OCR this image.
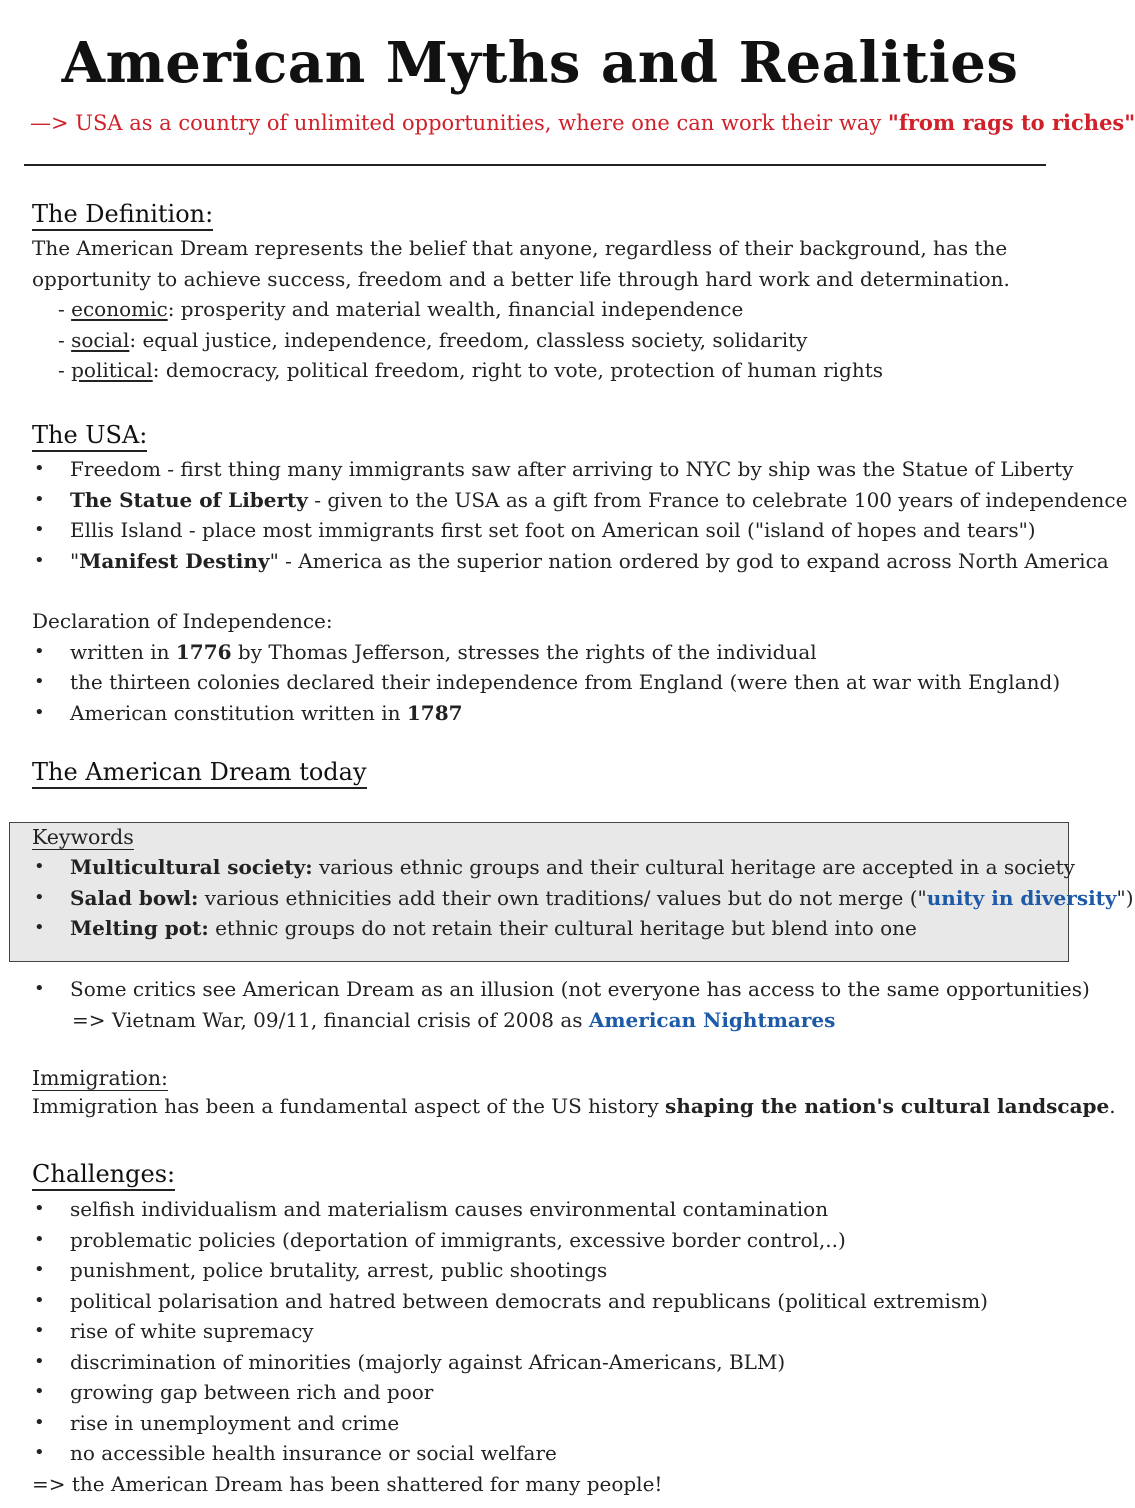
American Myths and Realities
—> USA as a country of unlimited opportunities, where one can work their way "from rags to riches"
The Definition:
The American Dream represents the belief that anyone, regardless of their background, has the
opportunity to achieve success, freedom and a better life through hard work and determination.
- economic: prosperity and material wealth, financial independence
- social: equal justice, independence, freedom, classless society, solidarity
- political: democracy, political freedom, right to vote, protection of human rights
The USA:
• Freedom - first thing many immigrants saw after arriving to NYC by ship was the Statue of Liberty
• The Statue of Liberty - given to the USA as a gift from France to celebrate 100 years of independence
• Ellis Island - place most immigrants first set foot on American soil ("island of hopes and tears")
• "Manifest Destiny" - America as the superior nation ordered by god to expand across North America
Declaration of Independence:
• written in 1776 by Thomas Jefferson, stresses the rights of the individual
• the thirteen colonies declared their independence from England (were then at war with England)
• American constitution written in 1787
The American Dream today
Keywords
• Multicultural society: various ethnic groups and their cultural heritage are accepted in a society
• Salad bowl: various ethnicities add their own traditions/ values but do not merge ("unity in diversity")
• Melting pot: ethnic groups do not retain their cultural heritage but blend into one
• Some critics see American Dream as an illusion (not everyone has access to the same opportunities)
=> Vietnam War, 09/11, financial crisis of 2008 as American Nightmares
Immigration:
Immigration has been a fundamental aspect of the US history shaping the nation's cultural landscape.
Challenges:
• selfish individualism and materialism causes environmental contamination
• problematic policies (deportation of immigrants, excessive border control,..)
• punishment, police brutality, arrest, public shootings
• political polarisation and hatred between democrats and republicans (political extremism)
• rise of white supremacy
• discrimination of minorities (majorly against African-Americans, BLM)
• growing gap between rich and poor
• rise in unemployment and crime
• no accessible health insurance or social welfare
=> the American Dream has been shattered for many people!
